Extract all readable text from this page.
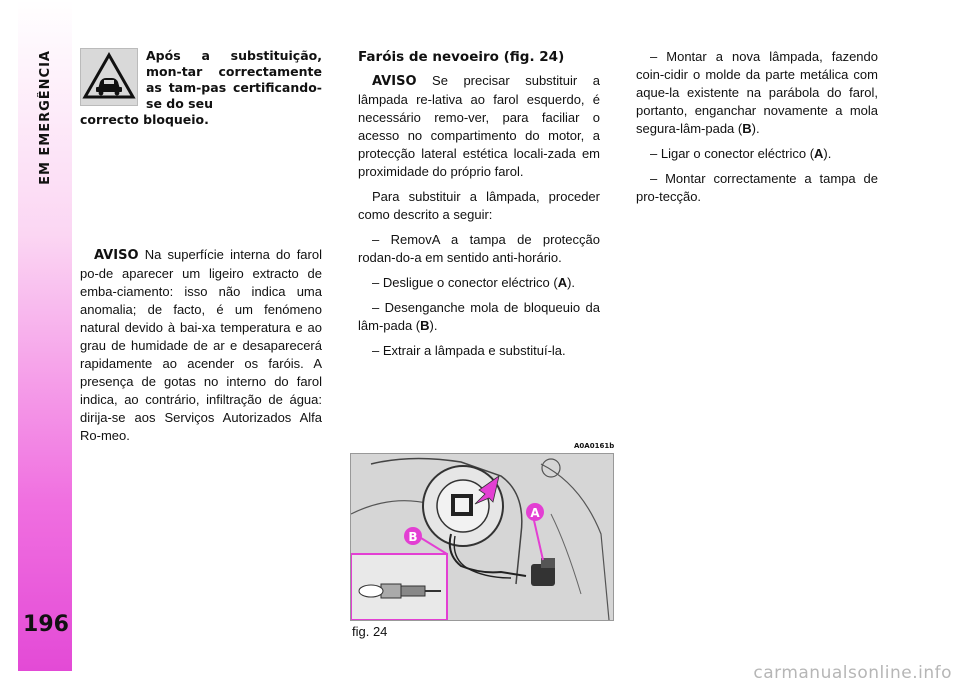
EM EMERGÊNCIA
196
Após a substituição, mon-tar correctamente as tam-pas certificando-se do seu
correcto bloqueio.

AVISO Na superfície interna do farol po-de aparecer um ligeiro extracto de emba-ciamento: isso não indica uma anomalia; de facto, é um fenómeno natural devido à bai-xa temperatura e ao grau de humidade de ar e desaparecerá rapidamente ao acender os faróis. A presença de gotas no interno do farol indica, ao contrário, infiltração de água: dirija-se aos Serviços Autorizados Alfa Ro-meo.

Faróis de nevoeiro (fig. 24)

AVISO Se precisar substituir a lâmpada re-lativa ao farol esquerdo, é necessário remo-ver, para faciliar o acesso no compartimento do motor, a protecção lateral estética locali-zada em proximidade do próprio farol.

Para substituir a lâmpada, proceder como descrito a seguir:

– RemovA a tampa de protecção rodan-do-a em sentido anti-horário.

– Desligue o conector eléctrico (A).

– Desenganche mola de bloqueuio da lâm-pada (B).

– Extrair a lâmpada e substituí-la.

– Montar a nova lâmpada, fazendo coin-cidir o molde da parte metálica com aque-la existente na parábola do farol, portanto, enganchar novamente a mola segura-lâm-pada (B).

– Ligar o conector eléctrico (A).

– Montar correctamente a tampa de pro-tecção.

A0A0161b
B
A
fig. 24
carmanualsonline.info
